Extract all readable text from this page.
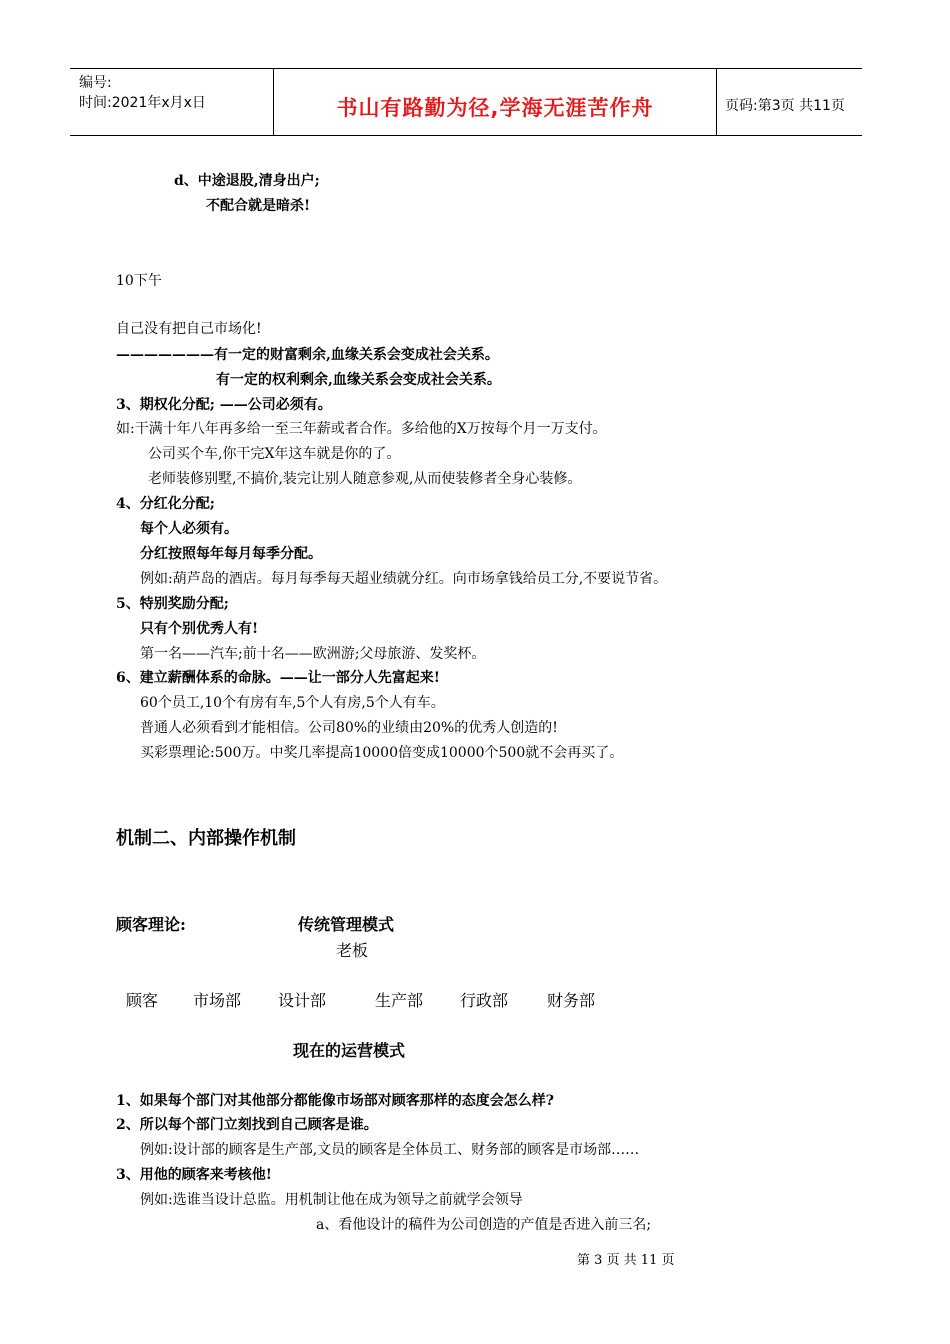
编号:
时间:2021年x月x日	书山有路勤为径,学海无涯苦作舟	页码:第3页 共11页
d、中途退股,清身出户;
不配合就是暗杀!
10下午
自己没有把自己市场化!
———————有一定的财富剩余,血缘关系会变成社会关系。
有一定的权利剩余,血缘关系会变成社会关系。
3、期权化分配; ——公司必须有。
如:干满十年八年再多给一至三年薪或者合作。多给他的X万按每个月一万支付。
公司买个车,你干完X年这车就是你的了。
老师装修别墅,不搞价,装完让别人随意参观,从而使装修者全身心装修。
4、分红化分配;
每个人必须有。
分红按照每年每月每季分配。
例如:葫芦岛的酒店。每月每季每天超业绩就分红。向市场拿钱给员工分,不要说节省。
5、特别奖励分配;
只有个别优秀人有!
第一名——汽车;前十名——欧洲游;父母旅游、发奖杯。
6、建立薪酬体系的命脉。——让一部分人先富起来!
60个员工,10个有房有车,5个人有房,5个人有车。
普通人必须看到才能相信。公司80%的业绩由20%的优秀人创造的!
买彩票理论:500万。中奖几率提高10000倍变成10000个500就不会再买了。
机制二、内部操作机制
顾客理论:	传统管理模式
老板
顾客 市场部 设计部	生产部 行政部 财务部
现在的运营模式
1、如果每个部门对其他部分都能像市场部对顾客那样的态度会怎么样?
2、所以每个部门立刻找到自己顾客是谁。
例如:设计部的顾客是生产部,文员的顾客是全体员工、财务部的顾客是市场部……
3、用他的顾客来考核他!
例如:选谁当设计总监。用机制让他在成为领导之前就学会领导
a、看他设计的稿件为公司创造的产值是否进入前三名;
第 3 页 共 11 页
